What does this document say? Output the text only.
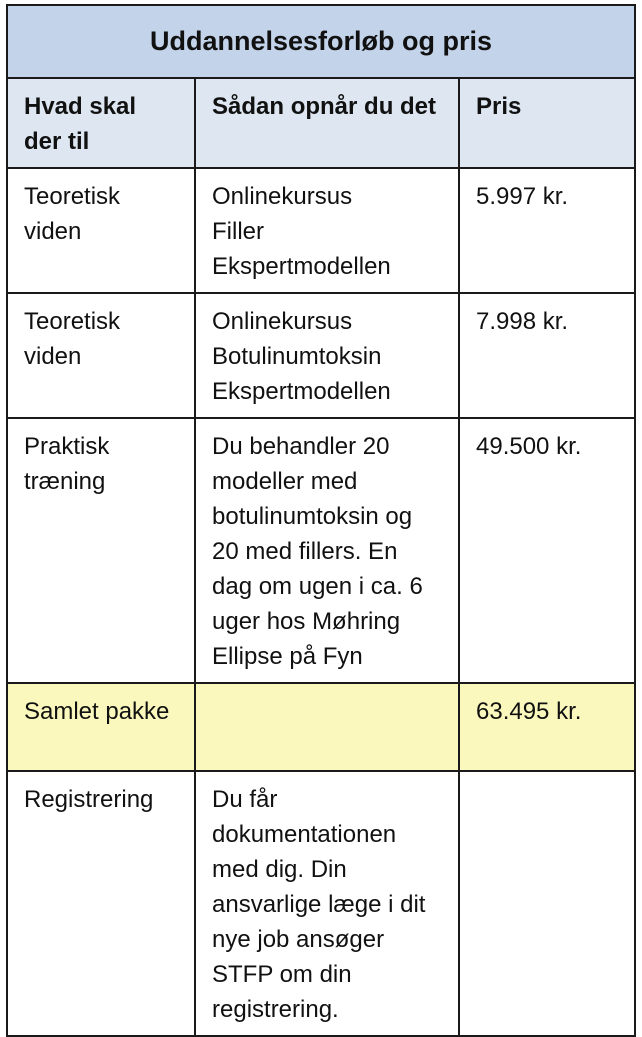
Uddannelsesforløb og pris		
Hvad skal der til	Sådan opnår du det	Pris
Teoretisk viden	Onlinekursus
Filler
Ekspertmodellen	5.997 kr.
Teoretisk viden	Onlinekursus
Botulinumtoksin
Ekspertmodellen	7.998 kr.
Praktisk træning	Du behandler 20 modeller med botulinumtoksin og 20 med fillers. En dag om ugen i ca. 6 uger hos Møhring Ellipse på Fyn	49.500 kr.
Samlet pakke		63.495 kr.
Registrering	Du får dokumentationen med dig. Din ansvarlige læge i dit nye job ansøger STFP om din registrering.	
